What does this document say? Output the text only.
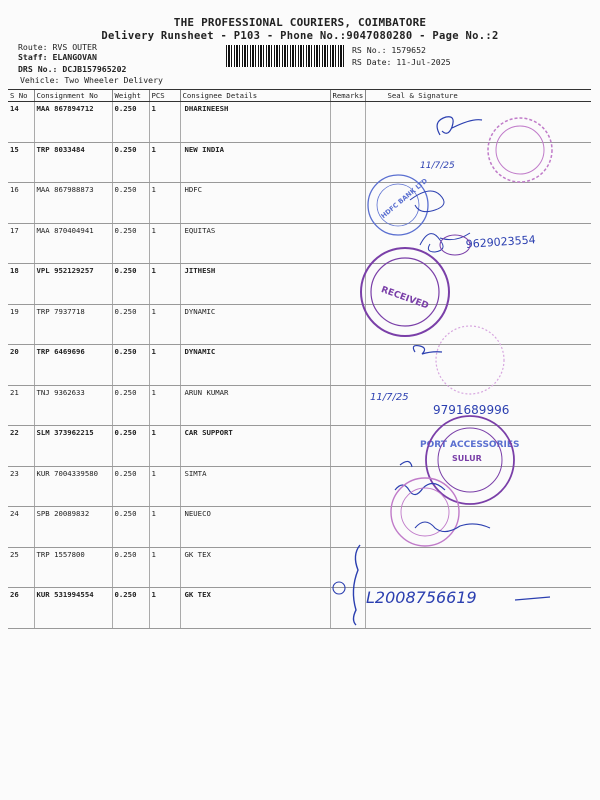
THE PROFESSIONAL COURIERS, COIMBATORE
Delivery Runsheet - P103 - Phone No.:9047080280 - Page No.:2
Route: RVS OUTER
Staff: ELANGOVAN
DRS No.: DCJB157965202
Vehicle: Two Wheeler Delivery
RS No.: 1579652
RS Date: 11-Jul-2025
S No	Consignment No	Weight	PCS	Consignee Details	Remarks	Seal & Signature
14	MAA 867894712	0.250	1	DHARINEESH		
15	TRP 8033484	0.250	1	NEW INDIA		
16	MAA 867988873	0.250	1	HDFC		
17	MAA 870404941	0.250	1	EQUITAS		
18	VPL 952129257	0.250	1	JITHESH		
19	TRP 7937718	0.250	1	DYNAMIC		
20	TRP 6469696	0.250	1	DYNAMIC		
21	TNJ 9362633	0.250	1	ARUN KUMAR		
22	SLM 373962215	0.250	1	CAR SUPPORT		
23	KUR 7004339580	0.250	1	SIMTA		
24	SPB 20089832	0.250	1	NEUECO		
25	TRP 1557800	0.250	1	GK TEX		
26	KUR 531994554	0.250	1	GK TEX		
11/7/25
HDFC BANK LTD
9629023554
RECEIVED
11/7/25
9791689996
PORT ACCESSORIES
SULUR
L2008756619
